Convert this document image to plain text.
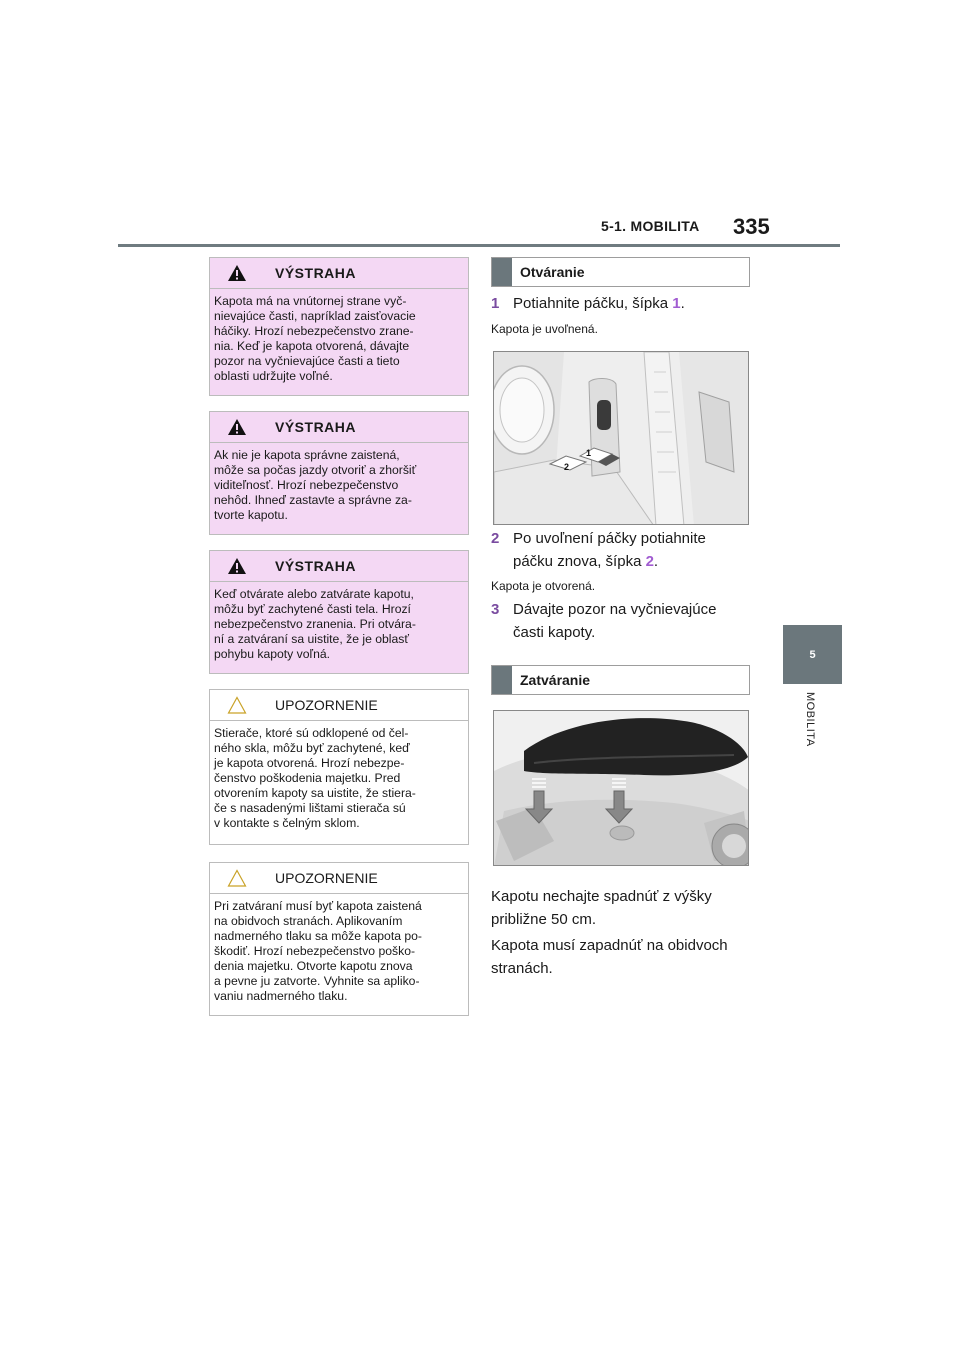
5-1. MOBILITA 335
5
MOBILITA
VÝSTRAHA
Kapota má na vnútornej strane vyč-
nievajúce časti, napríklad zaisťovacie
háčiky. Hrozí nebezpečenstvo zrane-
nia. Keď je kapota otvorená, dávajte
pozor na vyčnievajúce časti a tieto
oblasti udržujte voľné.
VÝSTRAHA
Ak nie je kapota správne zaistená,
môže sa počas jazdy otvoriť a zhoršiť
viditeľnosť. Hrozí nebezpečenstvo
nehôd. Ihneď zastavte a správne za-
tvorte kapotu.
VÝSTRAHA
Keď otvárate alebo zatvárate kapotu,
môžu byť zachytené časti tela. Hrozí
nebezpečenstvo zranenia. Pri otvára-
ní a zatváraní sa uistite, že je oblasť
pohybu kapoty voľná.
UPOZORNENIE
Stierače, ktoré sú odklopené od čel-
ného skla, môžu byť zachytené, keď
je kapota otvorená. Hrozí nebezpe-
čenstvo poškodenia majetku. Pred
otvorením kapoty sa uistite, že stiera-
če s nasadenými lištami stierača sú
v kontakte s čelným sklom.
UPOZORNENIE
Pri zatváraní musí byť kapota zaistená
na obidvoch stranách. Aplikovaním
nadmerného tlaku sa môže kapota po-
škodiť. Hrozí nebezpečenstvo poško-
denia majetku. Otvorte kapotu znova
a pevne ju zatvorte. Vyhnite sa apliko-
vaniu nadmerného tlaku.
Otváranie
1 Potiahnite páčku, šípka 1.
Kapota je uvoľnená.
2
1
2 Po uvoľnení páčky potiahnite
páčku znova, šípka 2.
Kapota je otvorená.
3 Dávajte pozor na vyčnievajúce
časti kapoty.
Zatváranie
Kapotu nechajte spadnúť z výšky
približne 50 cm.
Kapota musí zapadnúť na obidvoch
stranách.
